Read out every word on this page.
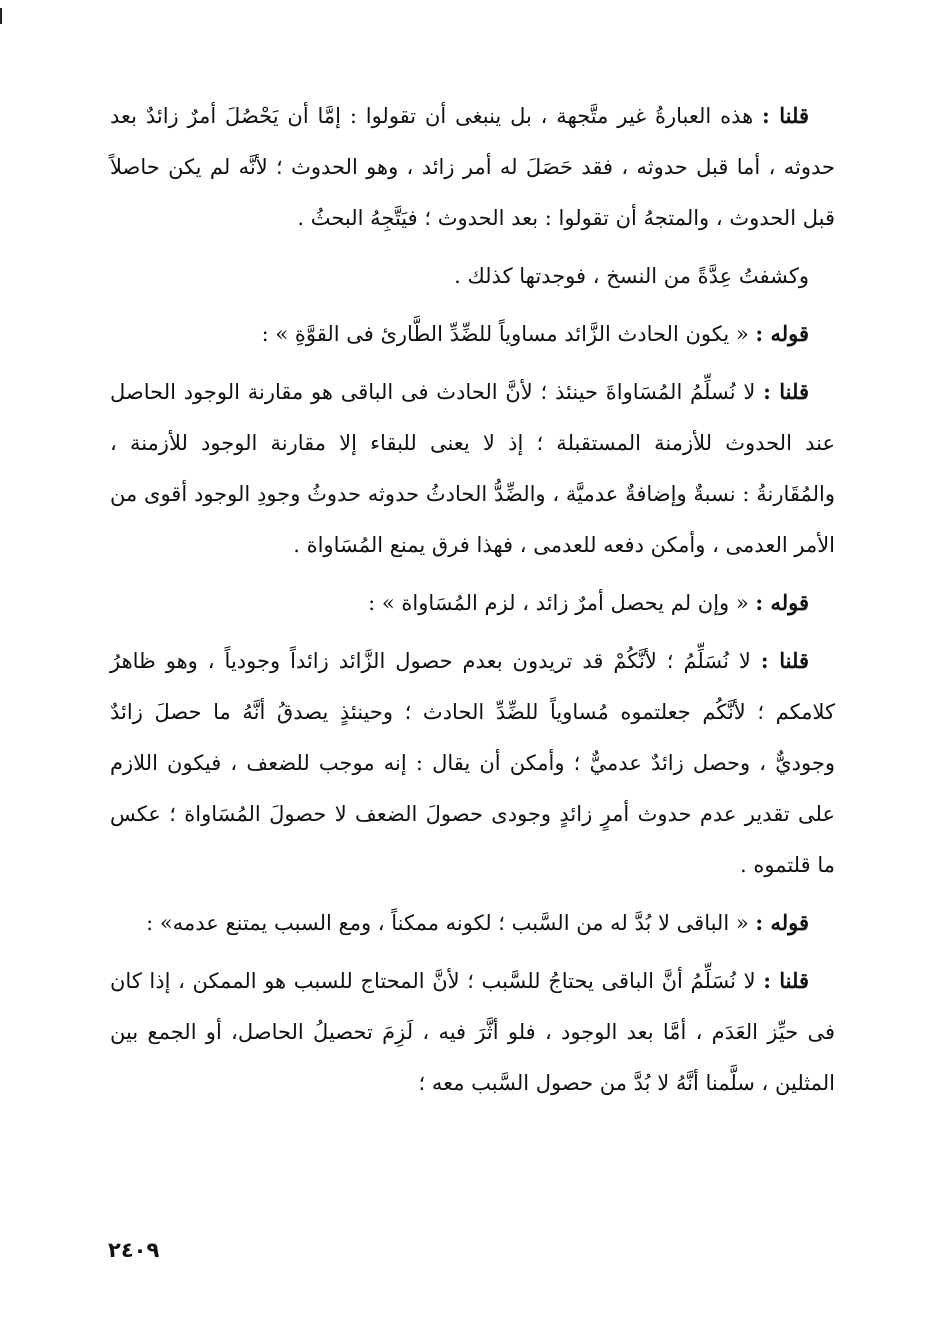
قلنا : هذه العبارةُ غير متَّجهة ، بل ينبغى أن تقولوا : إمَّا أن يَحْصُلَ أمرٌ زائدٌ بعد حدوثه ، أما قبل حدوثه ، فقد حَصَلَ له أمر زائد ، وهو الحدوث ؛ لأنَّه لم يكن حاصلاً قبل الحدوث ، والمتجهُ أن تقولوا : بعد الحدوث ؛ فيَتَّجِهُ البحثُ .

وكشفتُ عِدَّةً من النسخ ، فوجدتها كذلك .

قوله : « يكون الحادث الزَّائد مساوياً للضِّدِّ الطَّارئ فى القوَّةِ » :

قلنا : لا نُسلِّمُ المُسَاواةَ حينئذ ؛ لأنَّ الحادث فى الباقى هو مقارنة الوجود الحاصل عند الحدوث للأزمنة المستقبلة ؛ إذ لا يعنى للبقاء إلا مقارنة الوجود للأزمنة ، والمُقَارنةُ : نسبةٌ وإضافةٌ عدميَّة ، والضِّدُّ الحادثُ حدوثه حدوثُ وجودِ الوجود أقوى من الأمر العدمى ، وأمكن دفعه للعدمى ، فهذا فرق يمنع المُسَاواة .

قوله : « وإن لم يحصل أمرٌ زائد ، لزم المُسَاواة » :

قلنا : لا نُسَلِّمُ ؛ لأنَّكُمْ قد تريدون بعدم حصول الزَّائد زائداً وجودياً ، وهو ظاهرُ كلامكم ؛ لأنَّكُم جعلتموه مُساوياً للضِّدِّ الحادث ؛ وحينئذٍ يصدقُ أنَّهُ ما حصلَ زائدٌ وجوديٌّ ، وحصل زائدٌ عدميٌّ ؛ وأمكن أن يقال : إنه موجب للضعف ، فيكون اللازم على تقدير عدم حدوث أمرٍ زائدٍ وجودى حصولَ الضعف لا حصولَ المُسَاواة ؛ عكس ما قلتموه .

قوله : « الباقى لا بُدَّ له من السَّبب ؛ لكونه ممكناً ، ومع السبب يمتنع عدمه» :

قلنا : لا نُسَلِّمُ أنَّ الباقى يحتاجُ للسَّبب ؛ لأنَّ المحتاج للسبب هو الممكن ، إذا كان فى حيِّز العَدَم ، أمَّا بعد الوجود ، فلو أثَّرَ فيه ، لَزِمَ تحصيلُ الحاصل، أو الجمع بين المثلين ، سلَّمنا أنَّهُ لا بُدَّ من حصول السَّبب معه ؛

٢٤٠٩
